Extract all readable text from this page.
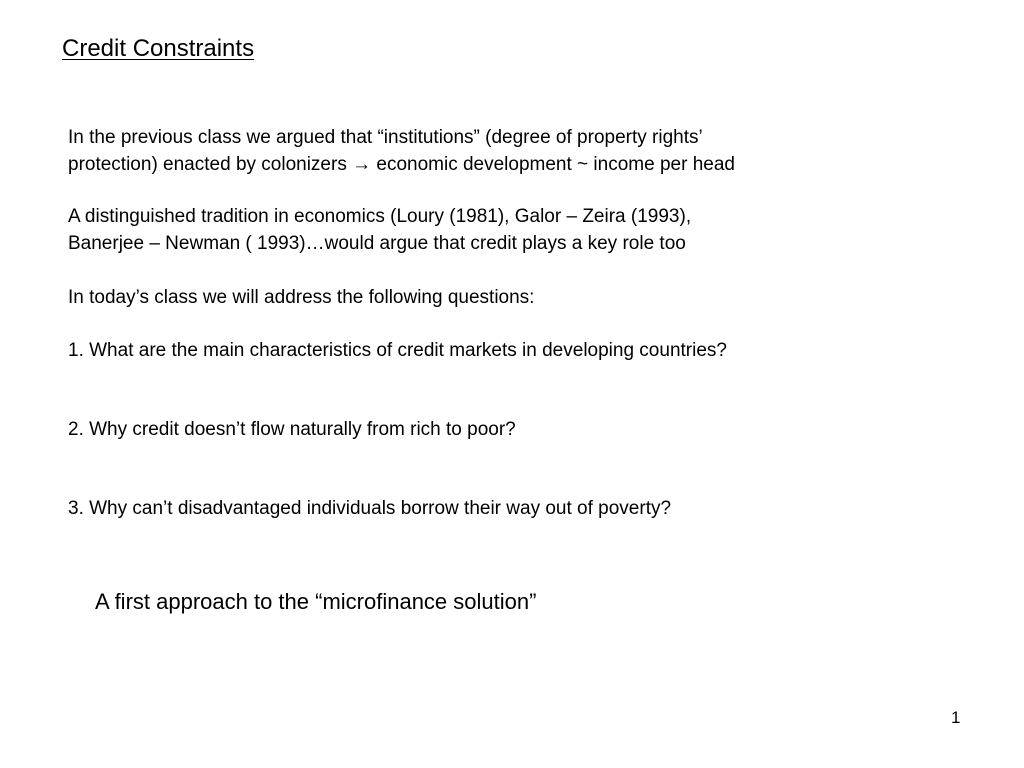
Credit Constraints
In the previous class we argued that “institutions” (degree of property rights’
protection) enacted by colonizers → economic development ~ income per head
A distinguished tradition in economics (Loury (1981), Galor – Zeira (1993),
Banerjee – Newman ( 1993)…would argue that credit plays a key role too
In today’s class we will address the following questions:
1. What are the main characteristics of credit markets in developing countries?
2. Why credit doesn’t flow naturally from rich to poor?
3. Why can’t disadvantaged individuals borrow their way out of poverty?
A first approach to the “microfinance solution”
1
